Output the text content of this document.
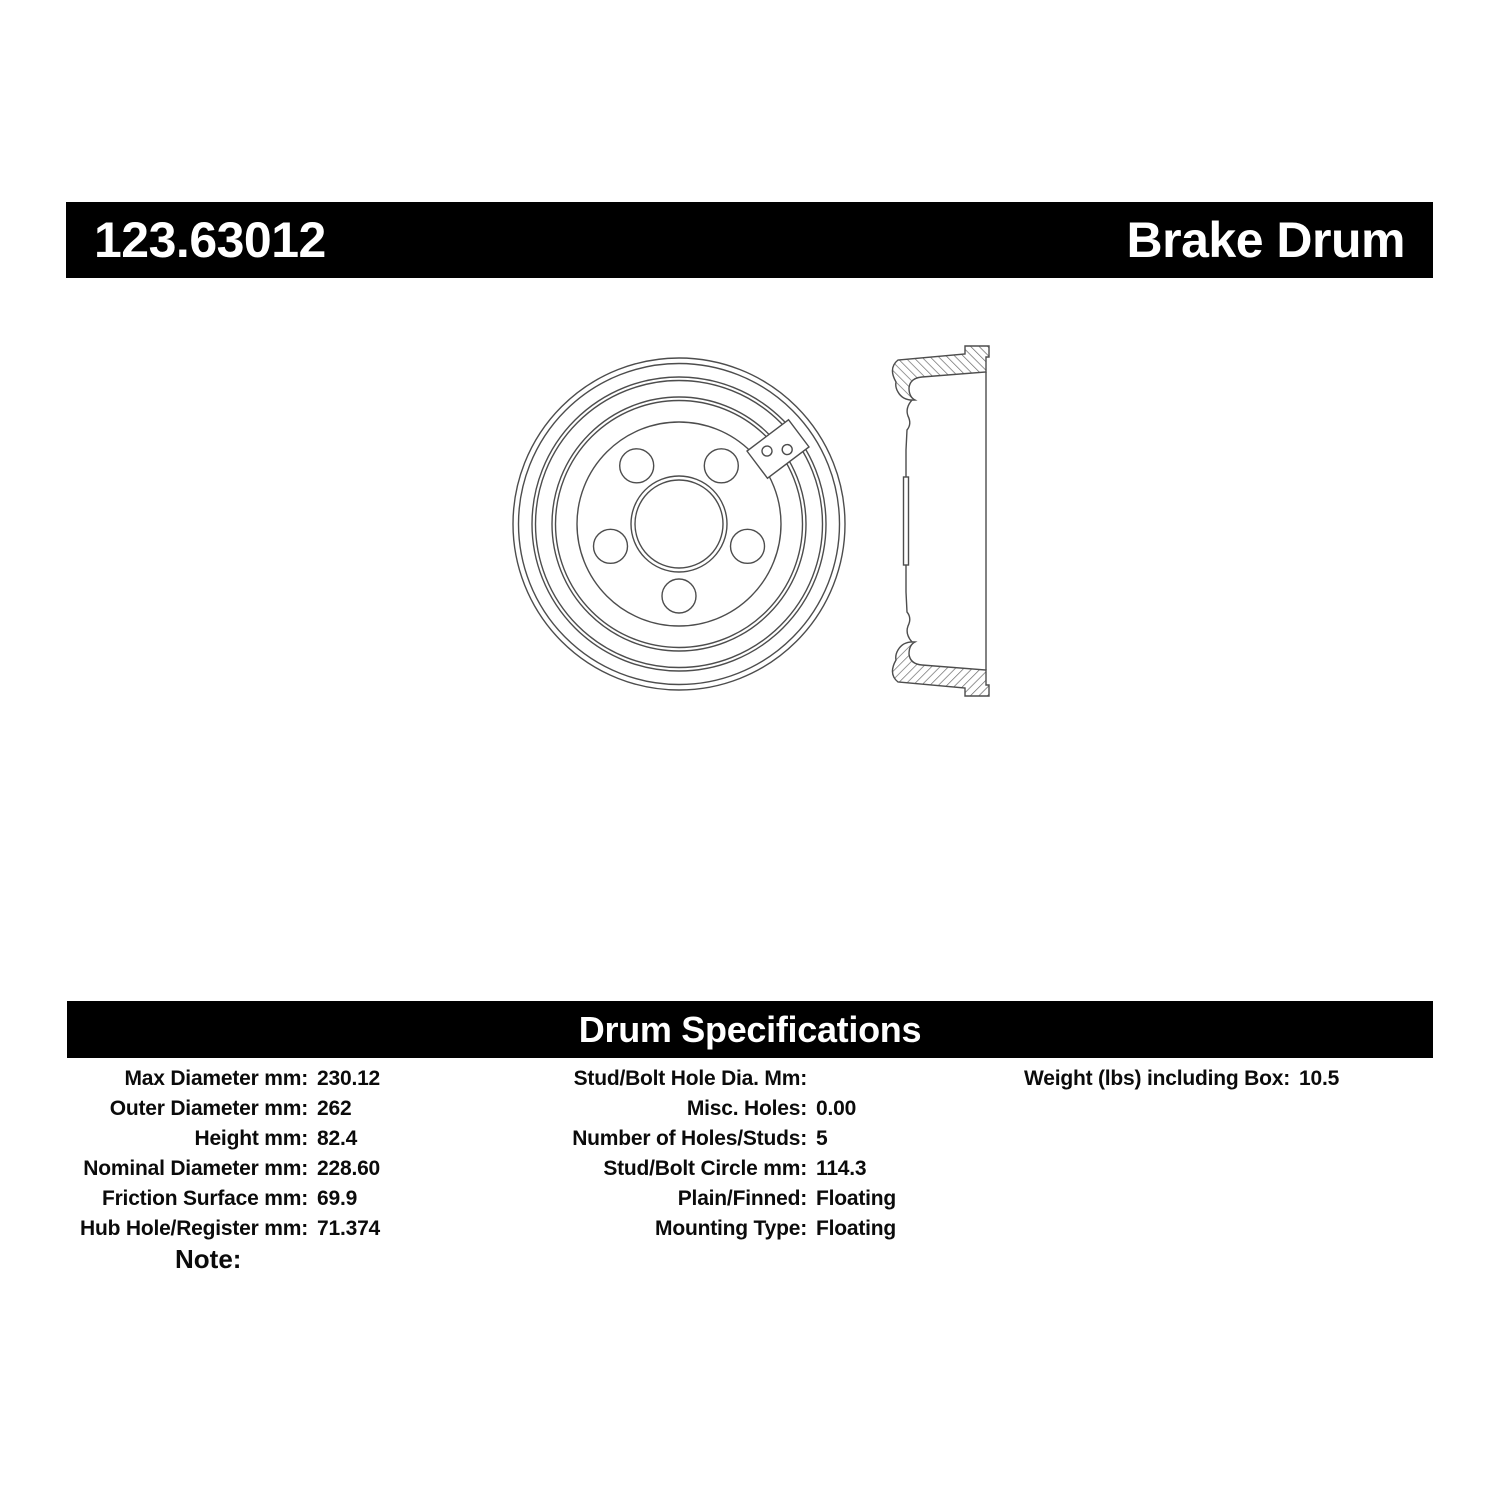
123.63012	Brake Drum
Drum Specifications
Max Diameter mm: 230.12
Outer Diameter mm: 262
Height mm: 82.4
Nominal Diameter mm: 228.60
Friction Surface mm: 69.9
Hub Hole/Register mm: 71.374
Stud/Bolt Hole Dia. Mm:
Misc. Holes: 0.00
Number of Holes/Studs: 5
Stud/Bolt Circle mm: 114.3
Plain/Finned: Floating
Mounting Type: Floating
Weight (lbs) including Box: 10.5
Note:
